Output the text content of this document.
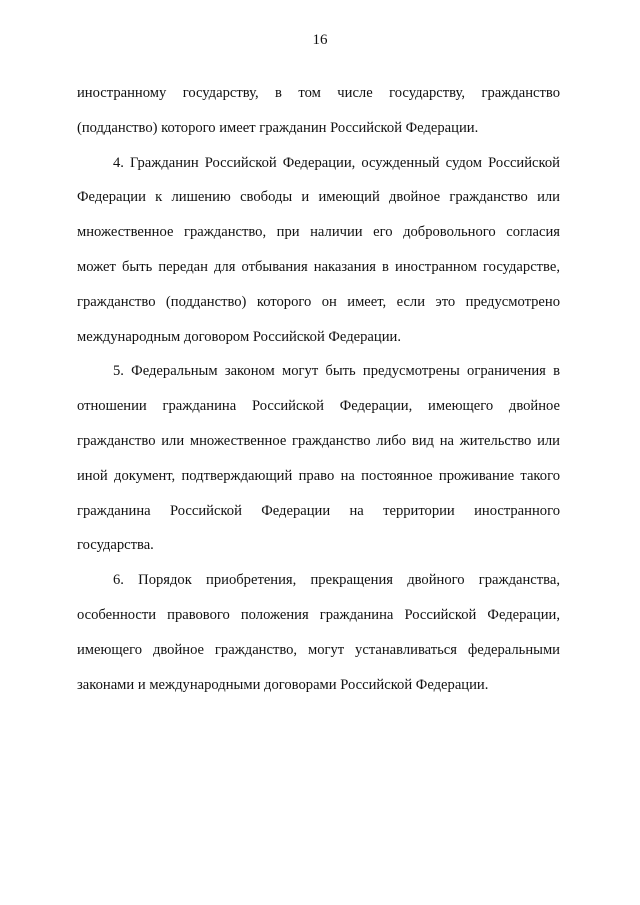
16

иностранному государству, в том числе государству, гражданство (подданство) которого имеет гражданин Российской Федерации.

4. Гражданин Российской Федерации, осужденный судом Российской Федерации к лишению свободы и имеющий двойное гражданство или множественное гражданство, при наличии его добровольного согласия может быть передан для отбывания наказания в иностранном государстве, гражданство (подданство) которого он имеет, если это предусмотрено международным договором Российской Федерации.

5. Федеральным законом могут быть предусмотрены ограничения в отношении гражданина Российской Федерации, имеющего двойное гражданство или множественное гражданство либо вид на жительство или иной документ, подтверждающий право на постоянное проживание такого гражданина Российской Федерации на территории иностранного государства.

6. Порядок приобретения, прекращения двойного гражданства, особенности правового положения гражданина Российской Федерации, имеющего двойное гражданство, могут устанавливаться федеральными законами и международными договорами Российской Федерации.
